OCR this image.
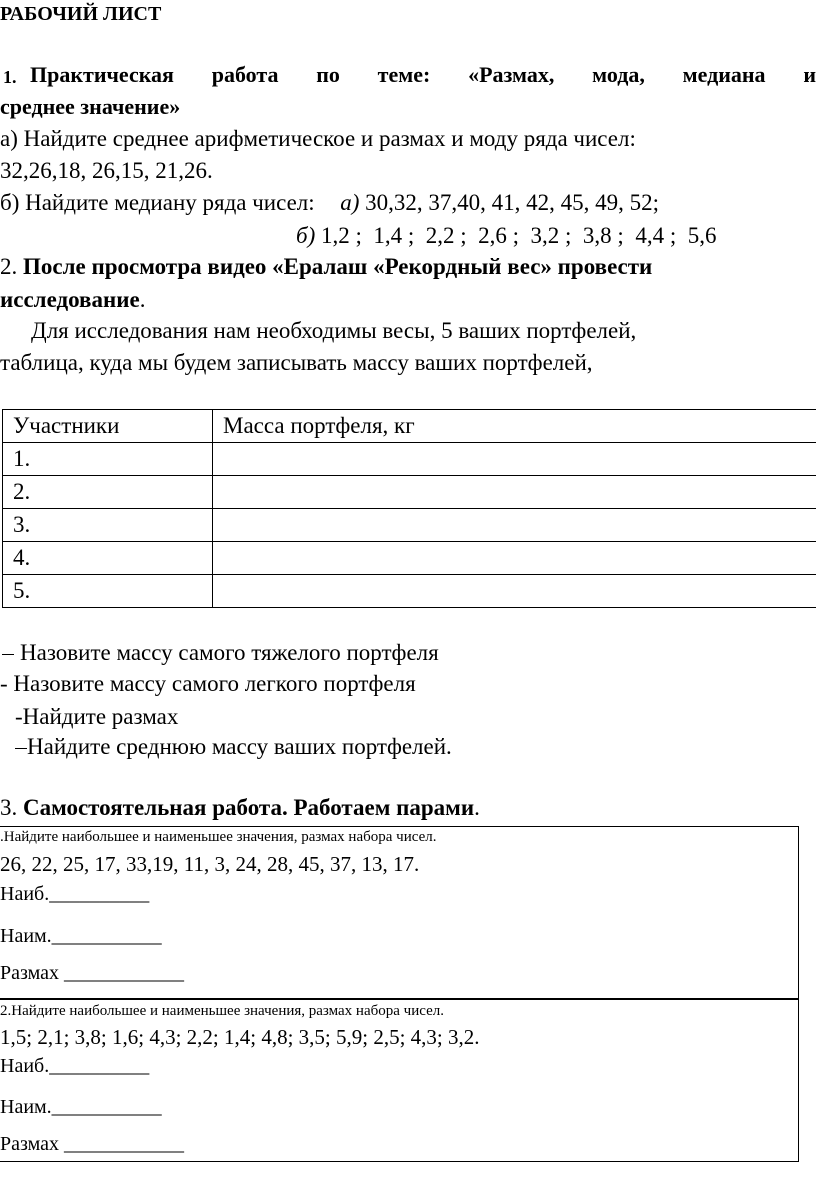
РАБОЧИЙ ЛИСТ
1. Практическая работа по теме: «Размах, мода, медиана и
среднее значение»
а) Найдите среднее арифметическое и размах и моду ряда чисел:
32,26,18, 26,15, 21,26.
б) Найдите медиану ряда чисел: а) 30,32, 37,40, 41, 42, 45, 49, 52;
б) 1,2 ;  1,4 ;  2,2 ;  2,6 ;  3,2 ;  3,8 ;  4,4 ;  5,6
2. После просмотра видео «Ералаш «Рекордный вес» провести
исследование.
Для исследования нам необходимы весы, 5 ваших портфелей,
таблица, куда мы будем записывать массу ваших портфелей,
Участники	Масса портфеля, кг
1.	
2.	
3.	
4.	
5.	
Назовите массу самого тяжелого портфеля
- Назовите массу самого легкого портфеля
-Найдите размах
Найдите среднюю массу ваших портфелей.
3. Самостоятельная работа. Работаем парами.
.Найдите наибольшее и наименьшее значения, размах набора чисел.
26, 22, 25, 17, 33,19, 11, 3, 24, 28, 45, 37, 13, 17.
Наиб.__________
Наим.___________
Размах ____________
2.Найдите наибольшее и наименьшее значения, размах набора чисел.
1,5; 2,1; 3,8; 1,6; 4,3; 2,2; 1,4; 4,8; 3,5; 5,9; 2,5; 4,3; 3,2.
Наиб.__________
Наим.___________
Размах ____________
